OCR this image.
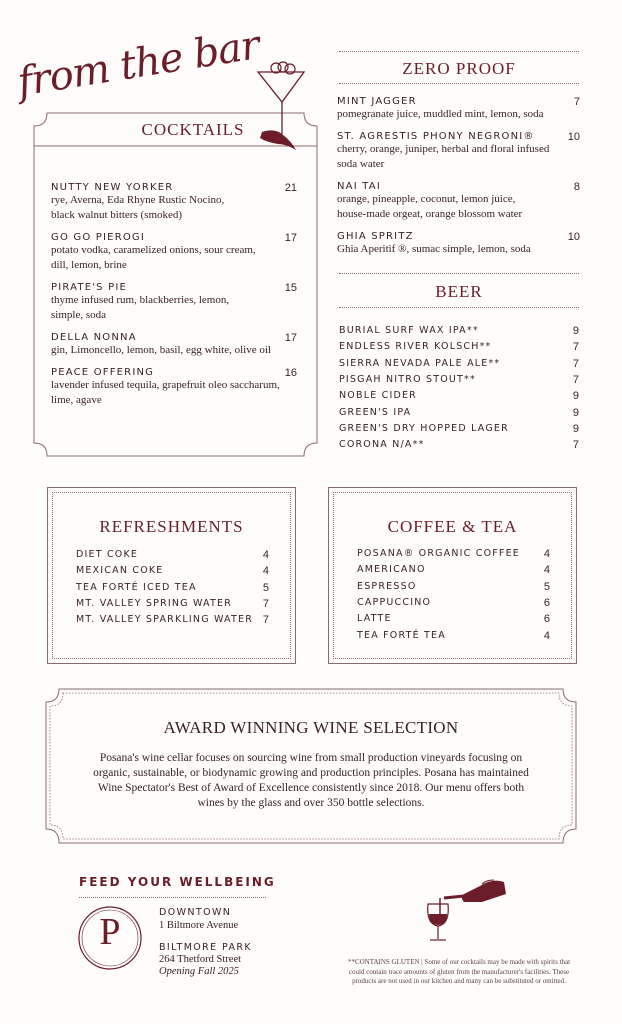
from the bar
COCKTAILS
NUTTY NEW YORKER	21
rye, Averna, Eda Rhyne Rustic Nocino,
black walnut bitters (smoked)
GO GO PIEROGI	17
potato vodka, caramelized onions, sour cream,
dill, lemon, brine
PIRATE'S PIE	15
thyme infused rum, blackberries, lemon,
simple, soda
DELLA NONNA	17
gin, Limoncello, lemon, basil, egg white, olive oil
PEACE OFFERING	16
lavender infused tequila, grapefruit oleo saccharum,
lime, agave
ZERO PROOF
MINT JAGGER	7
pomegranate juice, muddled mint, lemon, soda
ST. AGRESTIS PHONY NEGRONI®	10
cherry, orange, juniper, herbal and floral infused
soda water
NAI TAI	8
orange, pineapple, coconut, lemon juice,
house-made orgeat, orange blossom water
GHIA SPRITZ	10
Ghia Aperitif ®, sumac simple, lemon, soda
BEER
BURIAL SURF WAX IPA**	9
ENDLESS RIVER KOLSCH**	7
SIERRA NEVADA PALE ALE**	7
PISGAH NITRO STOUT**	7
NOBLE CIDER	9
GREEN'S IPA	9
GREEN'S DRY HOPPED LAGER	9
CORONA N/A**	7
REFRESHMENTS
DIET COKE	4
MEXICAN COKE	4
TEA FORTÉ ICED TEA	5
MT. VALLEY SPRING WATER	7
MT. VALLEY SPARKLING WATER 7
COFFEE & TEA
POSANA® ORGANIC COFFEE 4
AMERICANO	4
ESPRESSO	5
CAPPUCCINO	6
LATTE	6
TEA FORTÉ TEA	4
AWARD WINNING WINE SELECTION
Posana's wine cellar focuses on sourcing wine from small production vineyards focusing on
organic, sustainable, or biodynamic growing and production principles. Posana has maintained
Wine Spectator's Best of Award of Excellence consistently since 2018. Our menu offers both
wines by the glass and over 350 bottle selections.
FEED YOUR WELLBEING
P	DOWNTOWN
1 Biltmore Avenue
BILTMORE PARK
264 Thetford Street
Opening Fall 2025
**CONTAINS GLUTEN | Some of our cocktails may be made with spirits that could contain trace amounts of gluten from the manufacturer's facilities. These products are not used in our kitchen and many can be substituted or omitted.
